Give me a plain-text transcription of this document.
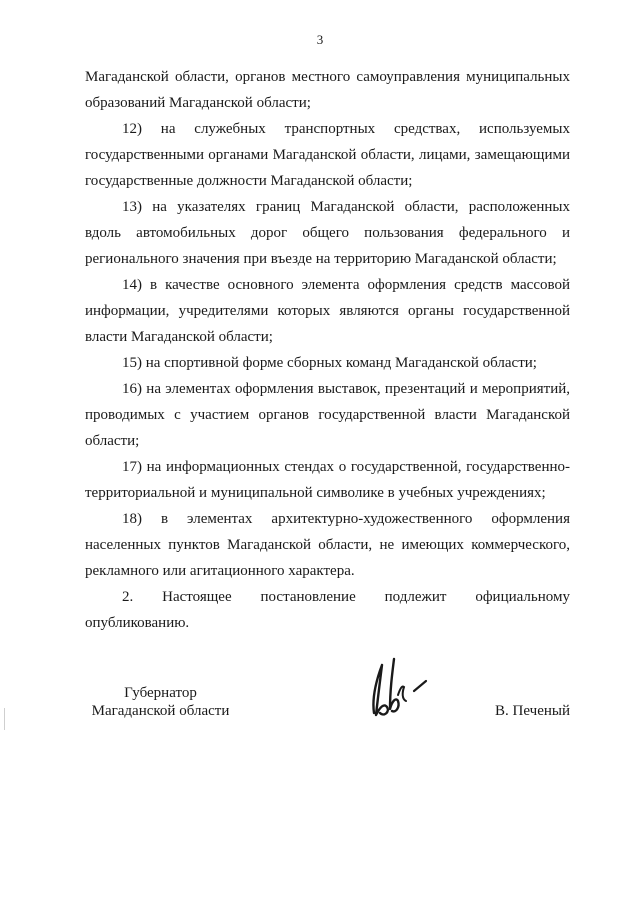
3

Магаданской области, органов местного самоуправления муниципальных образований Магаданской области;

12) на служебных транспортных средствах, используемых государственными органами Магаданской области, лицами, замещающими государственные должности Магаданской области;

13) на указателях границ Магаданской области, расположенных вдоль автомобильных дорог общего пользования федерального и регионального значения при въезде на территорию Магаданской области;

14) в качестве основного элемента оформления средств массовой информации, учредителями которых являются органы государственной власти Магаданской области;

15) на спортивной форме сборных команд Магаданской области;

16) на элементах оформления выставок, презентаций и мероприятий, проводимых с участием органов государственной власти Магаданской области;

17) на информационных стендах о государственной, государственно-территориальной и муниципальной символике в учебных учреждениях;

18) в элементах архитектурно-художественного оформления населенных пунктов Магаданской области, не имеющих коммерческого, рекламного или агитационного характера.

2. Настоящее постановление подлежит официальному опубликованию.

Губернатор
Магаданской области	В. Печеный
